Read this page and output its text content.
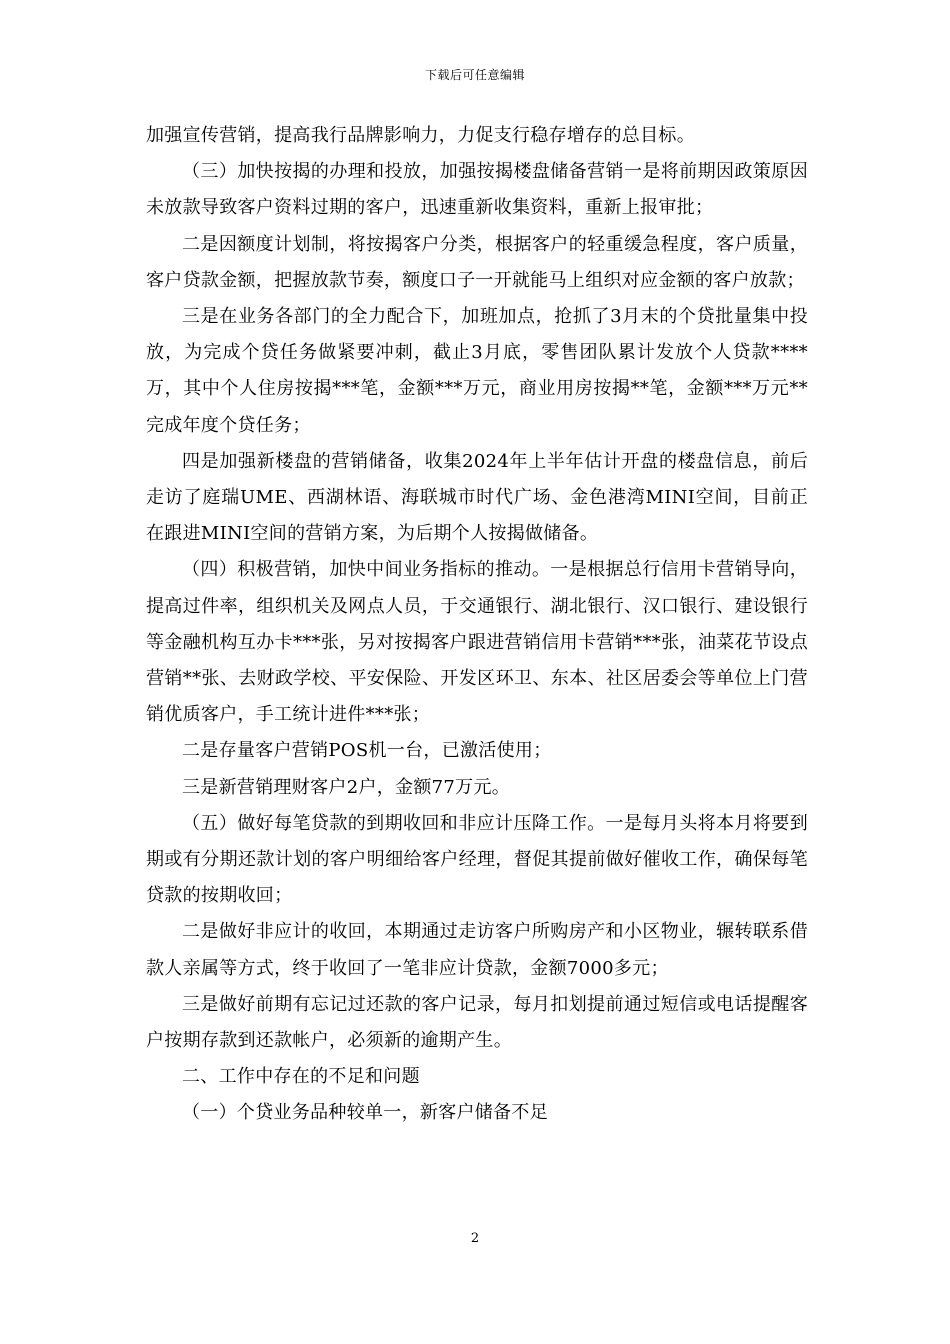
下载后可任意编辑

加强宣传营销，提高我行品牌影响力，力促支行稳存增存的总目标。

（三）加快按揭的办理和投放，加强按揭楼盘储备营销一是将前期因政策原因未放款导致客户资料过期的客户，迅速重新收集资料，重新上报审批；

二是因额度计划制，将按揭客户分类，根据客户的轻重缓急程度，客户质量，客户贷款金额，把握放款节奏，额度口子一开就能马上组织对应金额的客户放款；

三是在业务各部门的全力配合下，加班加点，抢抓了3月末的个贷批量集中投放，为完成个贷任务做紧要冲刺，截止3月底，零售团队累计发放个人贷款****万，其中个人住房按揭***笔，金额***万元，商业用房按揭**笔，金额***万元**完成年度个贷任务；

四是加强新楼盘的营销储备，收集2024年上半年估计开盘的楼盘信息，前后走访了庭瑞UME、西湖林语、海联城市时代广场、金色港湾MINI空间，目前正在跟进MINI空间的营销方案，为后期个人按揭做储备。

（四）积极营销，加快中间业务指标的推动。一是根据总行信用卡营销导向，提高过件率，组织机关及网点人员，于交通银行、湖北银行、汉口银行、建设银行等金融机构互办卡***张，另对按揭客户跟进营销信用卡营销***张，油菜花节设点营销**张、去财政学校、平安保险、开发区环卫、东本、社区居委会等单位上门营销优质客户，手工统计进件***张；

二是存量客户营销POS机一台，已激活使用；

三是新营销理财客户2户，金额77万元。

（五）做好每笔贷款的到期收回和非应计压降工作。一是每月头将本月将要到期或有分期还款计划的客户明细给客户经理，督促其提前做好催收工作，确保每笔贷款的按期收回；

二是做好非应计的收回，本期通过走访客户所购房产和小区物业，辗转联系借款人亲属等方式，终于收回了一笔非应计贷款，金额7000多元；

三是做好前期有忘记过还款的客户记录，每月扣划提前通过短信或电话提醒客户按期存款到还款帐户，必须新的逾期产生。

二、工作中存在的不足和问题

（一）个贷业务品种较单一，新客户储备不足

2
